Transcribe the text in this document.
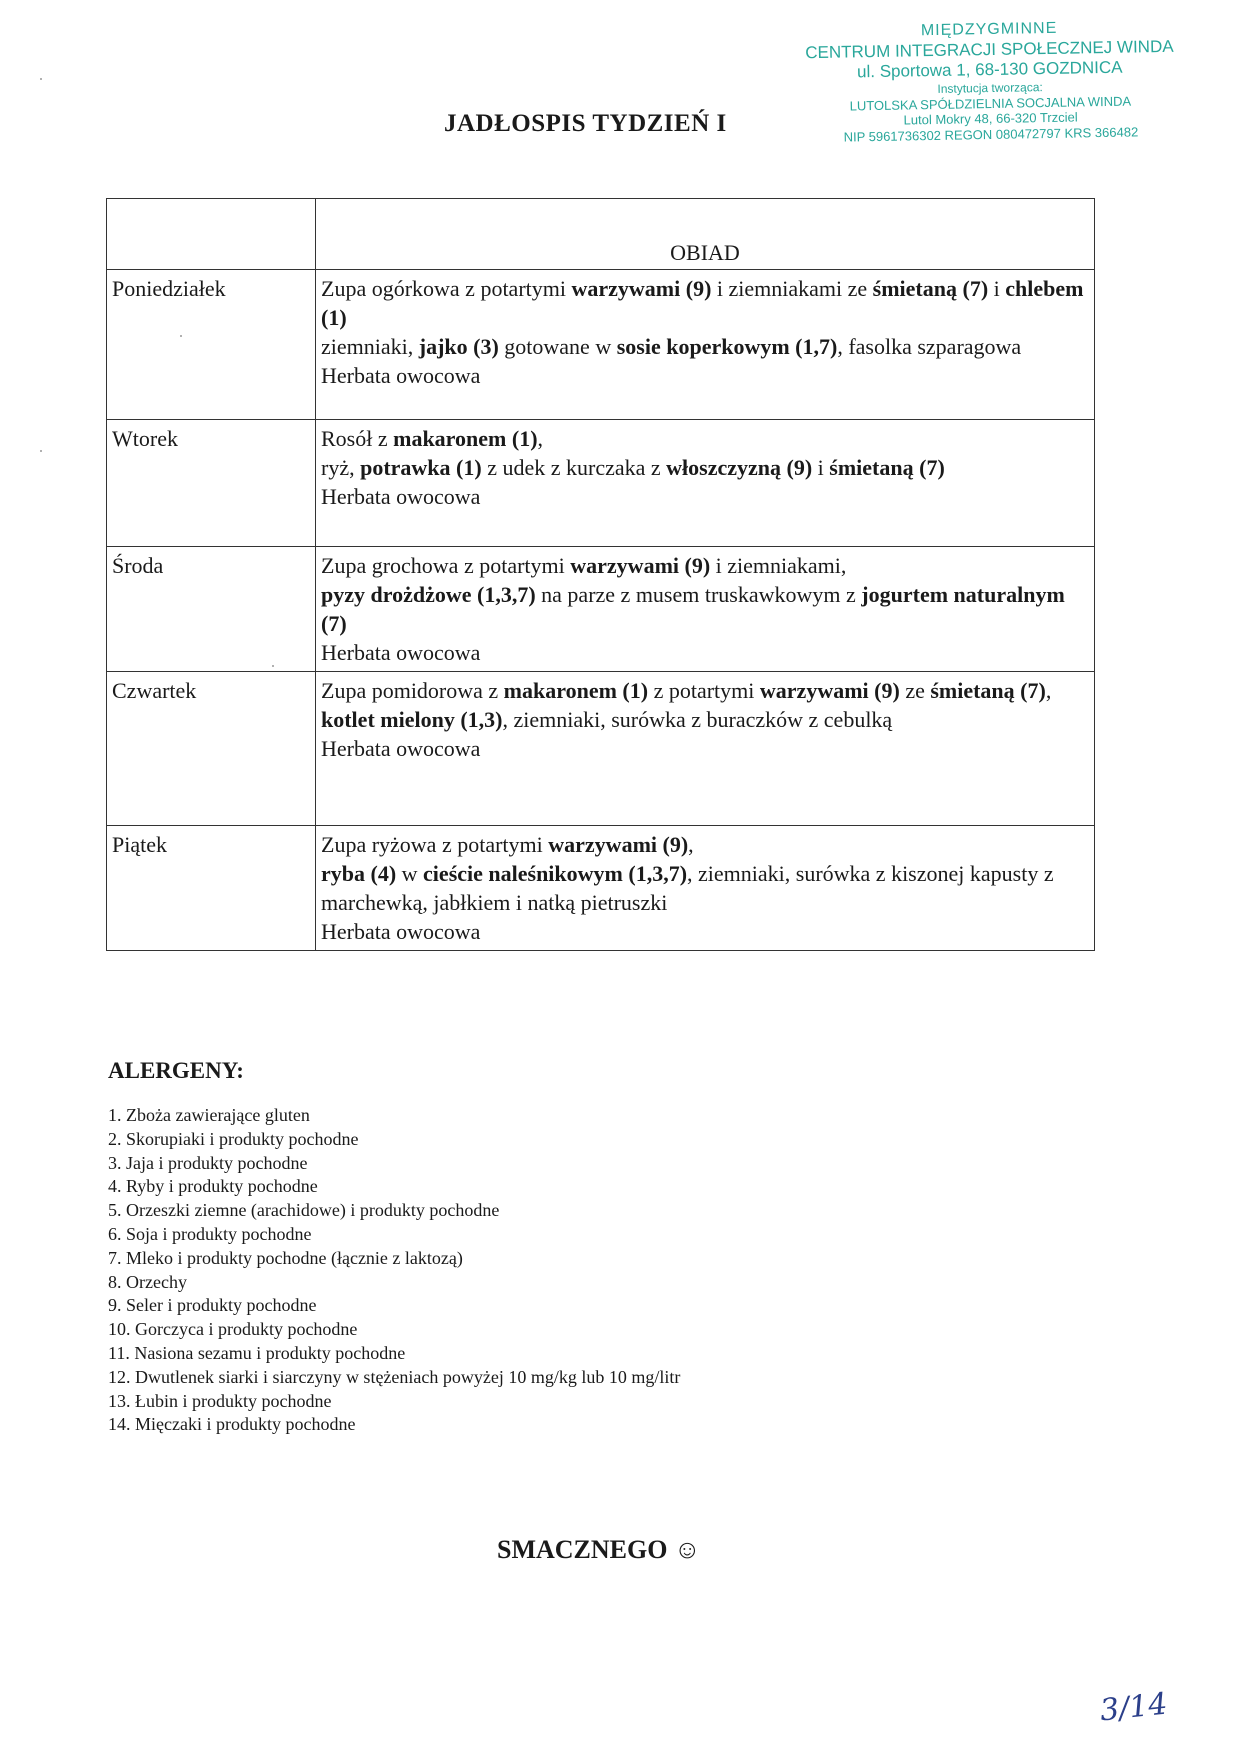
MIĘDZYGMINNE
CENTRUM INTEGRACJI SPOŁECZNEJ WINDA
ul. Sportowa 1, 68-130 GOZDNICA
Instytucja tworząca:
LUTOLSKA SPÓŁDZIELNIA SOCJALNA WINDA
Lutol Mokry 48, 66-320 Trzciel
NIP 5961736302 REGON 080472797 KRS 366482
JADŁOSPIS TYDZIEŃ I
	OBIAD
Poniedziałek	Zupa ogórkowa z potartymi warzywami (9) i ziemniakami ze śmietaną (7) i chlebem (1)
ziemniaki, jajko (3) gotowane w sosie koperkowym (1,7), fasolka szparagowa
Herbata owocowa

Wtorek	Rosół z makaronem (1),
ryż, potrawka (1) z udek z kurczaka z włoszczyzną (9) i śmietaną (7)
Herbata owocowa

Środa	Zupa grochowa z potartymi warzywami (9) i ziemniakami,
pyzy drożdżowe (1,3,7) na parze z musem truskawkowym z jogurtem naturalnym (7)
Herbata owocowa

Czwartek	Zupa pomidorowa z makaronem (1) z potartymi warzywami (9) ze śmietaną (7),
kotlet mielony (1,3), ziemniaki, surówka z buraczków z cebulką
Herbata owocowa

Piątek	Zupa ryżowa z potartymi warzywami (9),
ryba (4) w cieście naleśnikowym (1,3,7), ziemniaki, surówka z kiszonej kapusty z marchewką, jabłkiem i natką pietruszki
Herbata owocowa
ALERGENY:
1. Zboża zawierające gluten
2. Skorupiaki i produkty pochodne
3. Jaja i produkty pochodne
4. Ryby i produkty pochodne
5. Orzeszki ziemne (arachidowe) i produkty pochodne
6. Soja i produkty pochodne
7. Mleko i produkty pochodne (łącznie z laktozą)
8. Orzechy
9. Seler i produkty pochodne
10. Gorczyca i produkty pochodne
11. Nasiona sezamu i produkty pochodne
12. Dwutlenek siarki i siarczyny w stężeniach powyżej 10 mg/kg lub 10 mg/litr
13. Łubin i produkty pochodne
14. Mięczaki i produkty pochodne
SMACZNEGO ☺
3/14
